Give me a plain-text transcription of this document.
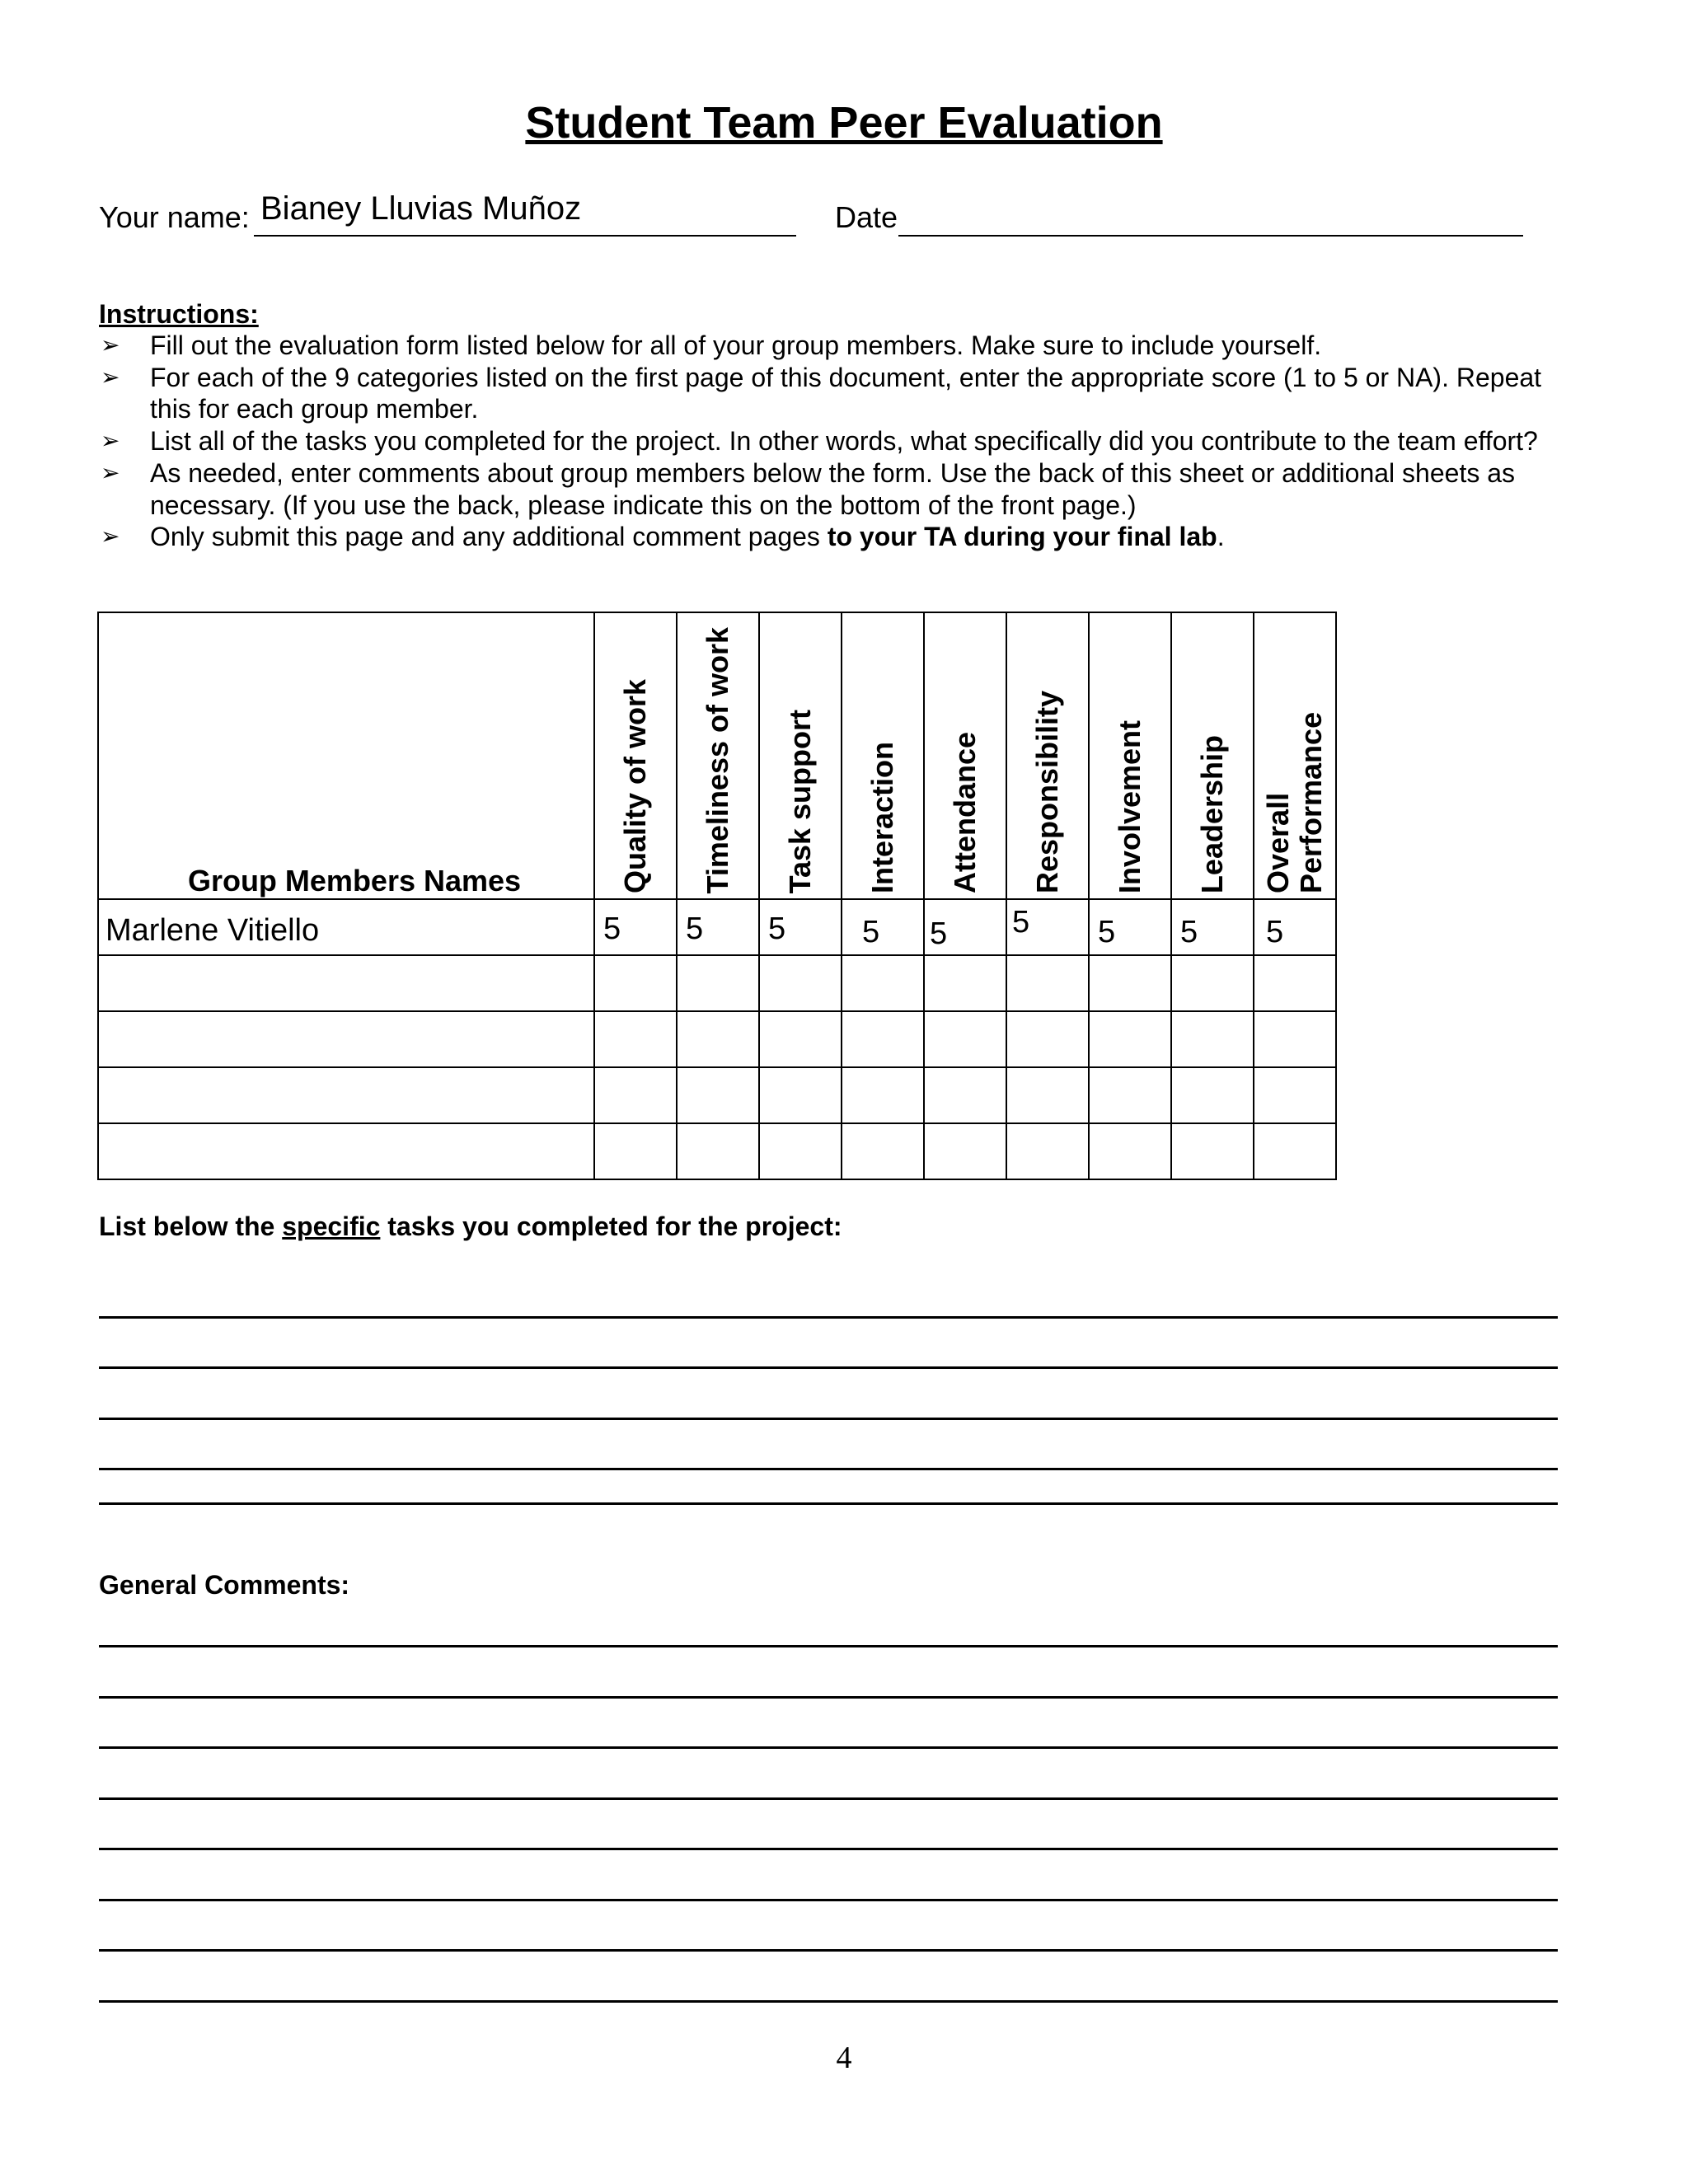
Student Team Peer Evaluation
Your name: Bianey Lluvias Muñoz	Date
Instructions:
➢ Fill out the evaluation form listed below for all of your group members. Make sure to include yourself.
➢ For each of the 9 categories listed on the first page of this document, enter the appropriate score (1 to 5 or NA). Repeat this for each group member.
➢ List all of the tasks you completed for the project. In other words, what specifically did you contribute to the team effort?
➢ As needed, enter comments about group members below the form. Use the back of this sheet or additional sheets as necessary. (If you use the back, please indicate this on the bottom of the front page.)
➢ Only submit this page and any additional comment pages to your TA during your final lab.
Group Members Names	Quality of work	Timeliness of work	Task support	Interaction	Attendance	Responsibility	Involvement	Leadership	Overall Performance

Marlene Vitiello	5	5	5	5	5	5	5	5	5

List below the specific tasks you completed for the project:
General Comments:
4
